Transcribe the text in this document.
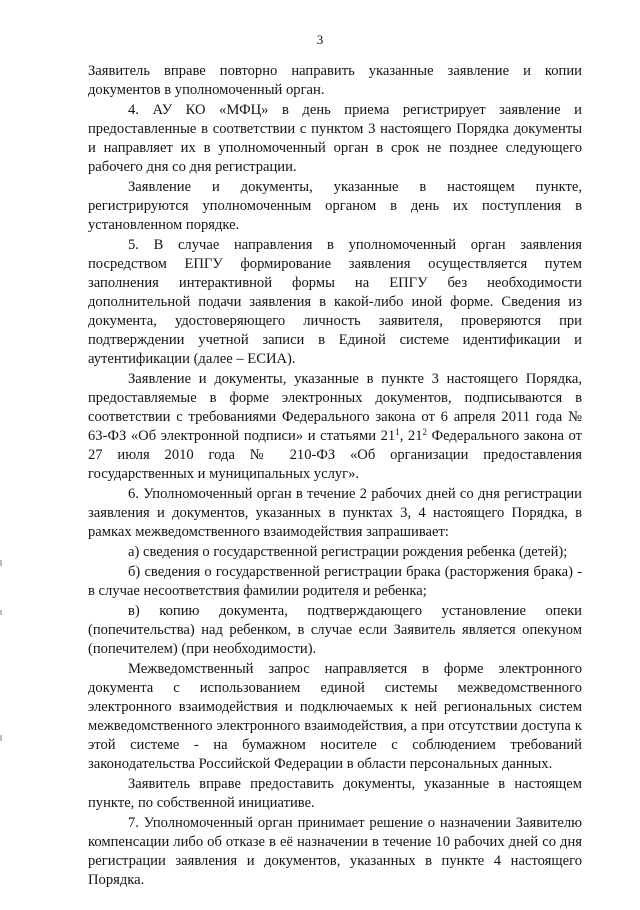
3

Заявитель вправе повторно направить указанные заявление и копии документов в уполномоченный орган.

4. АУ КО «МФЦ» в день приема регистрирует заявление и предоставленные в соответствии с пунктом 3 настоящего Порядка документы и направляет их в уполномоченный орган в срок не позднее следующего рабочего дня со дня регистрации.

Заявление и документы, указанные в настоящем пункте, регистрируются уполномоченным органом в день их поступления в установленном порядке.

5. В случае направления в уполномоченный орган заявления посредством ЕПГУ формирование заявления осуществляется путем заполнения интерактивной формы на ЕПГУ без необходимости дополнительной подачи заявления в какой-либо иной форме. Сведения из документа, удостоверяющего личность заявителя, проверяются при подтверждении учетной записи в Единой системе идентификации и аутентификации (далее – ЕСИА).

Заявление и документы, указанные в пункте 3 настоящего Порядка, предоставляемые в форме электронных документов, подписываются в соответствии с требованиями Федерального закона от 6 апреля 2011 года № 63-ФЗ «Об электронной подписи» и статьями $21^1$, $21^2$ Федерального закона от 27 июля 2010 года № 210-ФЗ «Об организации предоставления государственных и муниципальных услуг».

6. Уполномоченный орган в течение 2 рабочих дней со дня регистрации заявления и документов, указанных в пунктах 3, 4 настоящего Порядка, в рамках межведомственного взаимодействия запрашивает:

а) сведения о государственной регистрации рождения ребенка (детей);

б) сведения о государственной регистрации брака (расторжения брака) - в случае несоответствия фамилии родителя и ребенка;

в) копию документа, подтверждающего установление опеки (попечительства) над ребенком, в случае если Заявитель является опекуном (попечителем) (при необходимости).

Межведомственный запрос направляется в форме электронного документа с использованием единой системы межведомственного электронного взаимодействия и подключаемых к ней региональных систем межведомственного электронного взаимодействия, а при отсутствии доступа к этой системе - на бумажном носителе с соблюдением требований законодательства Российской Федерации в области персональных данных.

Заявитель вправе предоставить документы, указанные в настоящем пункте, по собственной инициативе.

7. Уполномоченный орган принимает решение о назначении Заявителю компенсации либо об отказе в её назначении в течение 10 рабочих дней со дня регистрации заявления и документов, указанных в пункте 4 настоящего Порядка.
